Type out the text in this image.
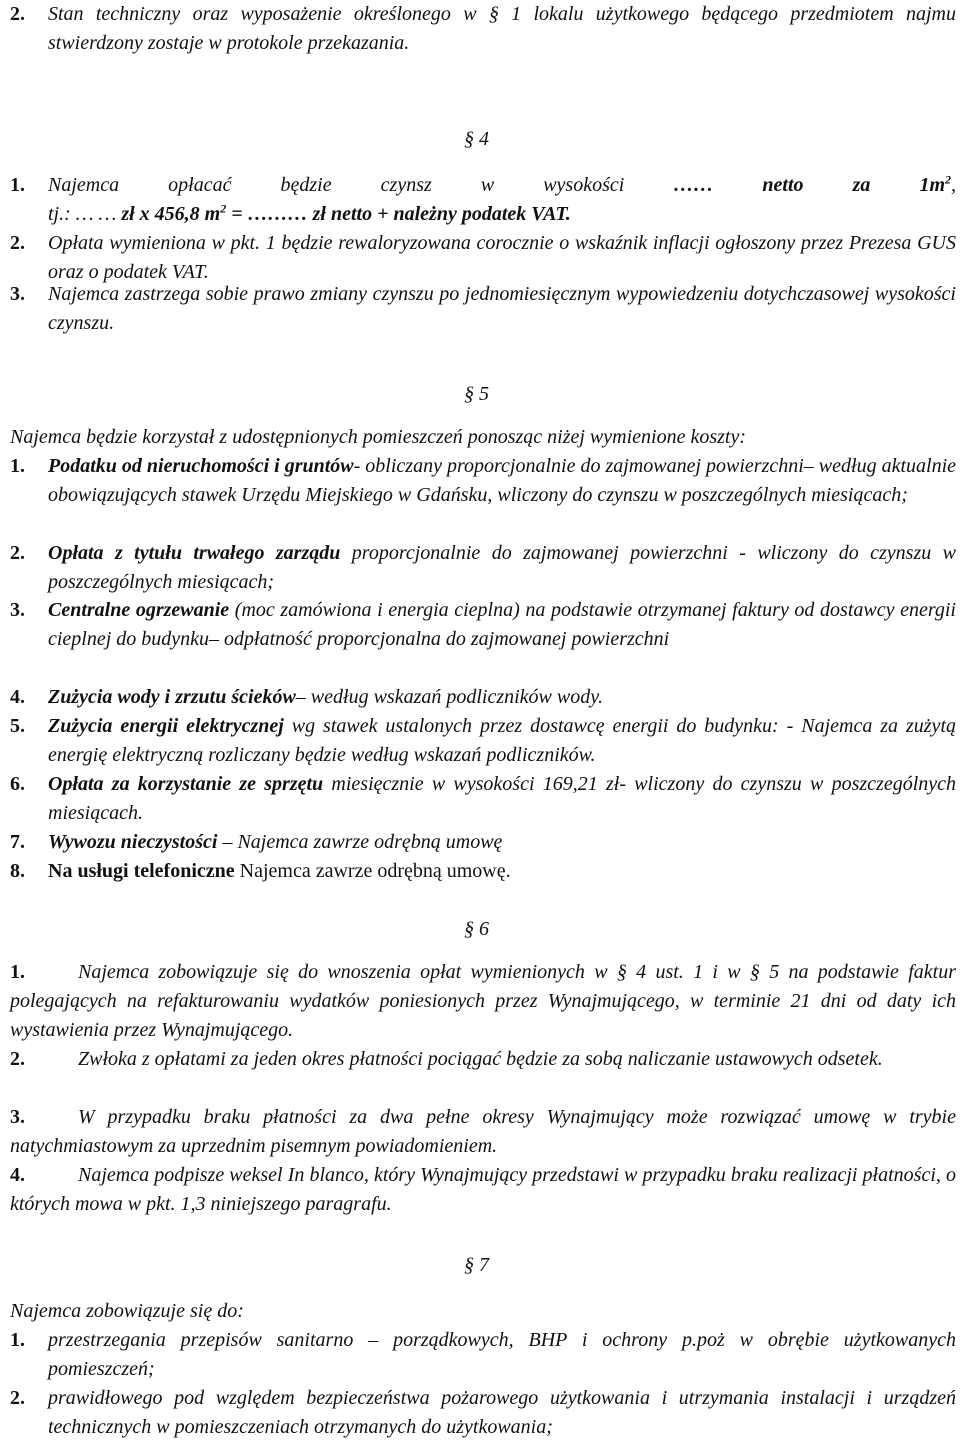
2. Stan techniczny oraz wyposażenie określonego w § 1 lokalu użytkowego będącego przedmiotem najmu stwierdzony zostaje w protokole przekazania.
§ 4
1. Najemca opłacać będzie czynsz w wysokości …… netto za $1m^2$,
tj.: … … zł x 456,8 $m^2$ = ……… zł netto + należny podatek VAT.
2. Opłata wymieniona w pkt. 1 będzie rewaloryzowana corocznie o wskaźnik inflacji ogłoszony przez Prezesa GUS oraz o podatek VAT.
3. Najemca zastrzega sobie prawo zmiany czynszu po jednomiesięcznym wypowiedzeniu dotychczasowej wysokości czynszu.
§ 5
Najemca będzie korzystał z udostępnionych pomieszczeń ponosząc niżej wymienione koszty:
1. Podatku od nieruchomości i gruntów- obliczany proporcjonalnie do zajmowanej powierzchni– według aktualnie obowiązujących stawek Urzędu Miejskiego w Gdańsku, wliczony do czynszu w poszczególnych miesiącach;
2. Opłata z tytułu trwałego zarządu proporcjonalnie do zajmowanej powierzchni - wliczony do czynszu w poszczególnych miesiącach;
3. Centralne ogrzewanie (moc zamówiona i energia cieplna) na podstawie otrzymanej faktury od dostawcy energii cieplnej do budynku– odpłatność proporcjonalna do zajmowanej powierzchni
4. Zużycia wody i zrzutu ścieków– według wskazań podliczników wody.
5. Zużycia energii elektrycznej wg stawek ustalonych przez dostawcę energii do budynku: - Najemca za zużytą energię elektryczną rozliczany będzie według wskazań podliczników.
6. Opłata za korzystanie ze sprzętu miesięcznie w wysokości 169,21 zł- wliczony do czynszu w poszczególnych miesiącach.
7. Wywozu nieczystości – Najemca zawrze odrębną umowę
8. Na usługi telefoniczne Najemca zawrze odrębną umowę.
§ 6
1.	Najemca zobowiązuje się do wnoszenia opłat wymienionych w § 4 ust. 1 i w § 5 na podstawie faktur polegających na refakturowaniu wydatków poniesionych przez Wynajmującego, w terminie 21 dni od daty ich wystawienia przez Wynajmującego.
2.	Zwłoka z opłatami za jeden okres płatności pociągać będzie za sobą naliczanie ustawowych odsetek.
3.	W przypadku braku płatności za dwa pełne okresy Wynajmujący może rozwiązać umowę w trybie natychmiastowym za uprzednim pisemnym powiadomieniem.
4.	Najemca podpisze weksel In blanco, który Wynajmujący przedstawi w przypadku braku realizacji płatności, o których mowa w pkt. 1,3 niniejszego paragrafu.
§ 7
Najemca zobowiązuje się do:
1. przestrzegania przepisów sanitarno – porządkowych, BHP i ochrony p.poż w obrębie użytkowanych pomieszczeń;
2. prawidłowego pod względem bezpieczeństwa pożarowego użytkowania i utrzymania instalacji i urządzeń technicznych w pomieszczeniach otrzymanych do użytkowania;
